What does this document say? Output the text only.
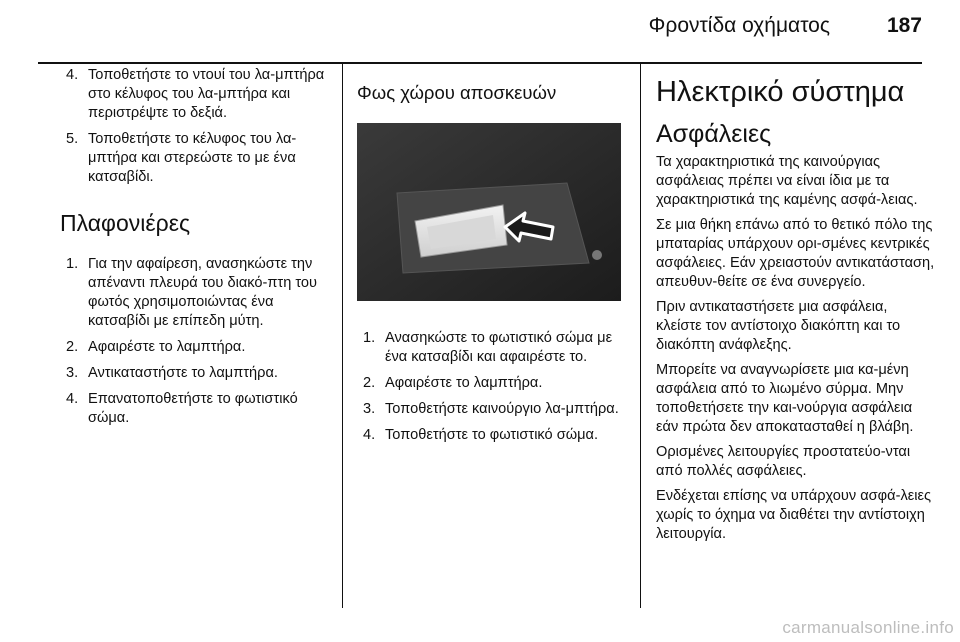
Φροντίδα οχήματος	187
4. Τοποθετήστε το ντουί του λα-μπτήρα στο κέλυφος του λα-μπτήρα και περιστρέψτε το δεξιά.
5. Τοποθετήστε το κέλυφος του λα-μπτήρα και στερεώστε το με ένα κατσαβίδι.
Πλαφονιέρες
1. Για την αφαίρεση, ανασηκώστε την απέναντι πλευρά του διακό-πτη του φωτός χρησιμοποιώντας ένα κατσαβίδι με επίπεδη μύτη.
2. Αφαιρέστε το λαμπτήρα.
3. Αντικαταστήστε το λαμπτήρα.
4. Επανατοποθετήστε το φωτιστικό σώμα.
Φως χώρου αποσκευών
1. Ανασηκώστε το φωτιστικό σώμα με ένα κατσαβίδι και αφαιρέστε το.
2. Αφαιρέστε το λαμπτήρα.
3. Τοποθετήστε καινούργιο λα-μπτήρα.
4. Τοποθετήστε το φωτιστικό σώμα.
Ηλεκτρικό σύστημα
Ασφάλειες

Τα χαρακτηριστικά της καινούργιας ασφάλειας πρέπει να είναι ίδια με τα χαρακτηριστικά της καμένης ασφά-λειας.

Σε μια θήκη επάνω από το θετικό πόλο της μπαταρίας υπάρχουν ορι-σμένες κεντρικές ασφάλειες. Εάν χρειαστούν αντικατάσταση, απευθυν-θείτε σε ένα συνεργείο.

Πριν αντικαταστήσετε μια ασφάλεια, κλείστε τον αντίστοιχο διακόπτη και το διακόπτη ανάφλεξης.

Μπορείτε να αναγνωρίσετε μια κα-μένη ασφάλεια από το λιωμένο σύρμα. Μην τοποθετήσετε την και-νούργια ασφάλεια εάν πρώτα δεν αποκατασταθεί η βλάβη.

Ορισμένες λειτουργίες προστατεύο-νται από πολλές ασφάλειες.

Ενδέχεται επίσης να υπάρχουν ασφά-λειες χωρίς το όχημα να διαθέτει την αντίστοιχη λειτουργία.

carmanualsonline.info
